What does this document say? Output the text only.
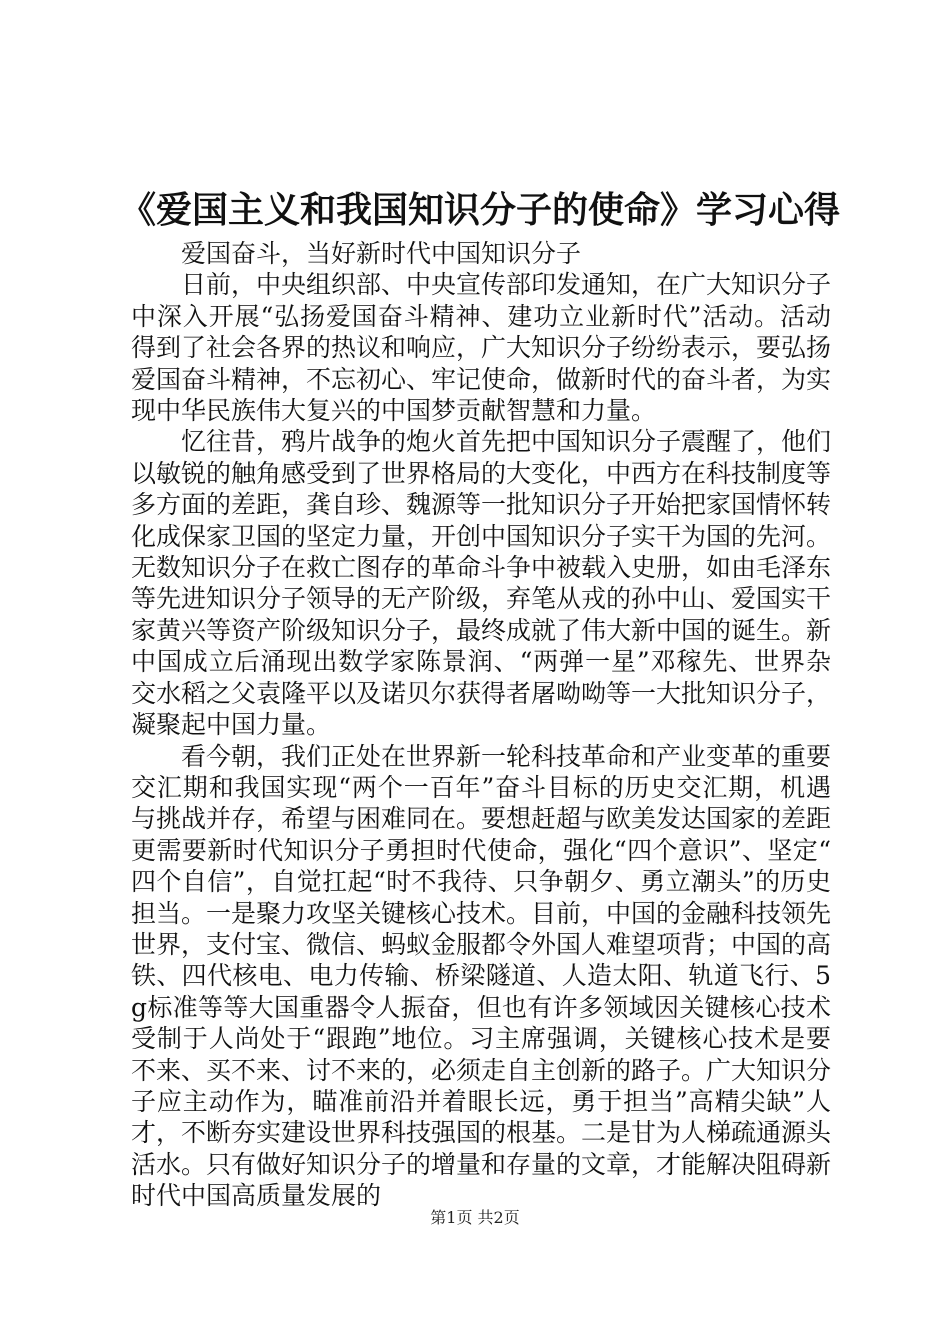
《爱国主义和我国知识分子的使命》学习心得

爱国奋斗，当好新时代中国知识分子

日前，中央组织部、中央宣传部印发通知，在广大知识分子中深入开展“弘扬爱国奋斗精神、建功立业新时代”活动。活动得到了社会各界的热议和响应，广大知识分子纷纷表示，要弘扬爱国奋斗精神，不忘初心、牢记使命，做新时代的奋斗者，为实现中华民族伟大复兴的中国梦贡献智慧和力量。

忆往昔，鸦片战争的炮火首先把中国知识分子震醒了，他们以敏锐的触角感受到了世界格局的大变化，中西方在科技制度等多方面的差距，龚自珍、魏源等一批知识分子开始把家国情怀转化成保家卫国的坚定力量，开创中国知识分子实干为国的先河。无数知识分子在救亡图存的革命斗争中被载入史册，如由毛泽东等先进知识分子领导的无产阶级，弃笔从戎的孙中山、爱国实干家黄兴等资产阶级知识分子，最终成就了伟大新中国的诞生。新中国成立后涌现出数学家陈景润、“两弹一星”邓稼先、世界杂交水稻之父袁隆平以及诺贝尔获得者屠呦呦等一大批知识分子，凝聚起中国力量。

看今朝，我们正处在世界新一轮科技革命和产业变革的重要交汇期和我国实现“两个一百年”奋斗目标的历史交汇期，机遇与挑战并存，希望与困难同在。要想赶超与欧美发达国家的差距更需要新时代知识分子勇担时代使命，强化“四个意识”、坚定“四个自信”，自觉扛起“时不我待、只争朝夕、勇立潮头”的历史担当。一是聚力攻坚关键核心技术。目前，中国的金融科技领先世界，支付宝、微信、蚂蚁金服都令外国人难望项背；中国的高铁、四代核电、电力传输、桥梁隧道、人造太阳、轨道飞行、5g标准等等大国重器令人振奋，但也有许多领域因关键核心技术受制于人尚处于“跟跑”地位。习主席强调，关键核心技术是要不来、买不来、讨不来的，必须走自主创新的路子。广大知识分子应主动作为，瞄准前沿并着眼长远，勇于担当”高精尖缺”人才，不断夯实建设世界科技强国的根基。二是甘为人梯疏通源头活水。只有做好知识分子的增量和存量的文章，才能解决阻碍新时代中国高质量发展的

第1页 共2页
